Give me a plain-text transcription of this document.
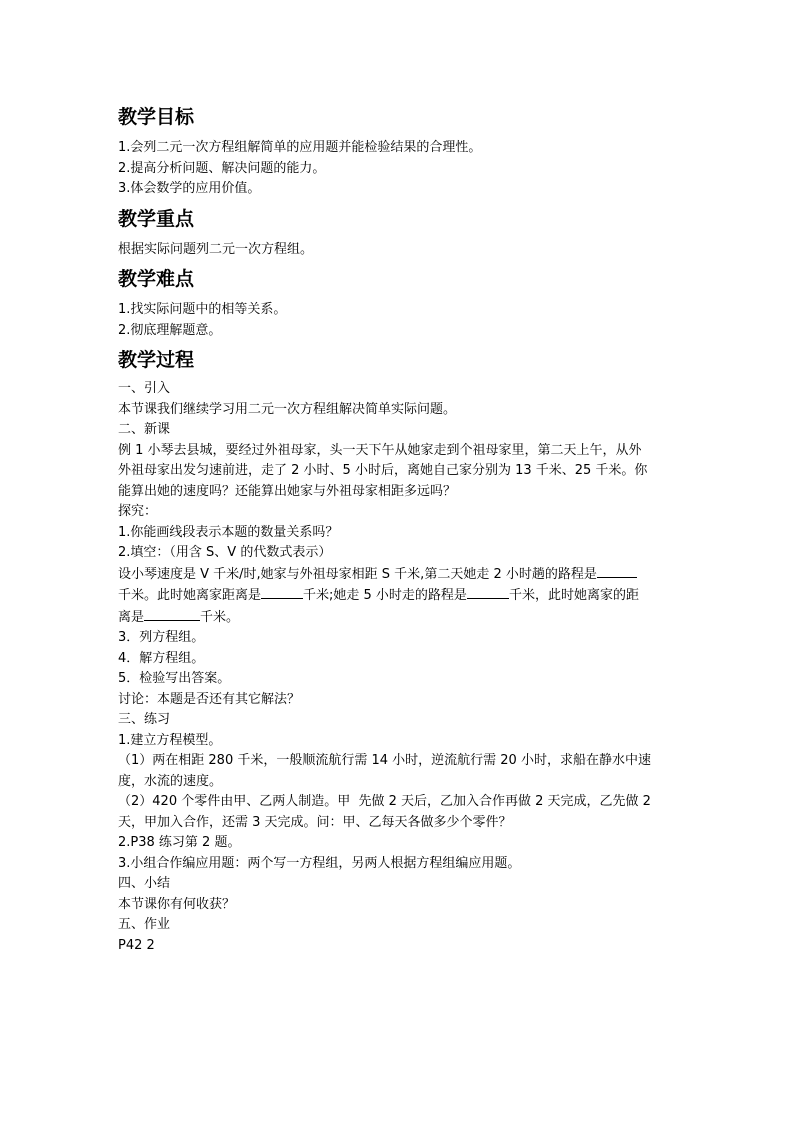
教学目标

1.会列二元一次方程组解简单的应用题并能检验结果的合理性。

2.提高分析问题、解决问题的能力。

3.体会数学的应用价值。

教学重点

根据实际问题列二元一次方程组。

教学难点

1.找实际问题中的相等关系。

2.彻底理解题意。

教学过程

一、引入

本节课我们继续学习用二元一次方程组解决简单实际问题。

二、新课

例 1 小琴去县城，要经过外祖母家，头一天下午从她家走到个祖母家里，第二天上午，从外

外祖母家出发匀速前进，走了 2 小时、5 小时后，离她自己家分别为 13 千米、25 千米。你

能算出她的速度吗？还能算出她家与外祖母家相距多远吗？

探究：

1.你能画线段表示本题的数量关系吗？

2.填空：（用含 S、V 的代数式表示）

设小琴速度是 V 千米/时,她家与外祖母家相距 S 千米,第二天她走 2 小时趟的路程是

千米。此时她离家距离是	千米;她走 5 小时走的路程是	千米，此时她离家的距

离是	千米。

3．列方程组。

4．解方程组。

5．检验写出答案。

讨论：本题是否还有其它解法？

三、练习

1.建立方程模型。

（1）两在相距 280 千米，一般顺流航行需 14 小时，逆流航行需 20 小时，求船在静水中速

度，水流的速度。

（2）420 个零件由甲、乙两人制造。甲  先做 2 天后，乙加入合作再做 2 天完成，乙先做 2

天，甲加入合作，还需 3 天完成。问：甲、乙每天各做多少个零件？

2.P38 练习第 2 题。

3.小组合作编应用题：两个写一方程组，另两人根据方程组编应用题。

四、小结

本节课你有何收获？

五、作业

P42 2
